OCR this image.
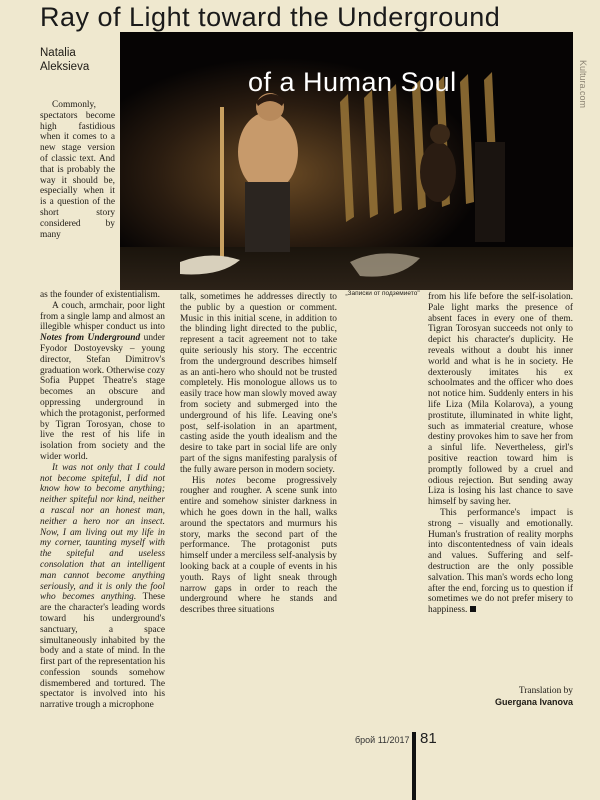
Ray of Light toward the Underground
of a Human Soul
Natalia
Aleksieva	Kultura.com

Commonly, spectators become high fastidious when it comes to a new stage version of classic text. And that is probably the way it should be, especially when it is a question of the short story considered by many

as the founder of existentialism.

A couch, armchair, poor light from a single lamp and almost an illegible whisper conduct us into Notes from Underground under Fyodor Dostoyevsky – young director, Stefan Dimitrov's graduation work. Otherwise cozy Sofia Puppet Theatre's stage becomes an obscure and oppressing underground in which the protagonist, performed by Tigran Torosyan, chose to live the rest of his life in isolation from society and the wider world.

It was not only that I could not become spiteful, I did not know how to become anything; neither spiteful nor kind, neither a rascal nor an honest man, neither a hero nor an insect. Now, I am living out my life in my corner, taunting myself with the spiteful and useless consolation that an intelligent man cannot become anything seriously, and it is only the fool who becomes anything. These are the character's leading words toward his underground's sanctuary, a space simultaneously inhabited by the body and a state of mind. In the first part of the representation his confession sounds somehow dismembered and tortured. The spectator is involved into his narrative trough a microphone

„Записки от подземието"

talk, sometimes he addresses directly to the public by a question or comment. Music in this initial scene, in addition to the blinding light directed to the public, represent a tacit agreement not to take quite seriously his story. The eccentric from the underground describes himself as an anti-hero who should not be trusted completely. His monologue allows us to easily trace how man slowly moved away from society and submerged into the underground of his life. Leaving one's post, self-isolation in an apartment, casting aside the youth idealism and the desire to take part in social life are only part of the signs manifesting paralysis of the fully aware person in modern society.

His notes become progressively rougher and rougher. A scene sunk into entire and somehow sinister darkness in which he goes down in the hall, walks around the spectators and murmurs his story, marks the second part of the performance. The protagonist puts himself under a merciless self-analysis by looking back at a couple of events in his youth. Rays of light sneak through narrow gaps in order to reach the underground where he stands and describes three situations

from his life before the self-isolation. Pale light marks the presence of absent faces in every one of them. Tigran Torosyan succeeds not only to depict his character's duplicity. He reveals without a doubt his inner world and what is he in society. He dexterously imitates his ex schoolmates and the officer who does not notice him. Suddenly enters in his life Liza (Mila Kolarova), a young prostitute, illuminated in white light, such as immaterial creature, whose destiny provokes him to save her from a sinful life. Nevertheless, girl's positive reaction toward him is promptly followed by a cruel and odious rejection. But sending away Liza is losing his last chance to save himself by saving her.

This performance's impact is strong – visually and emotionally. Human's frustration of reality morphs into discontentedness of vain ideals and values. Suffering and self-destruction are the only possible salvation. This man's words echo long after the end, forcing us to question if sometimes we do not prefer misery to happiness.

Translation by
Guergana Ivanova
брой 11/2017 81
